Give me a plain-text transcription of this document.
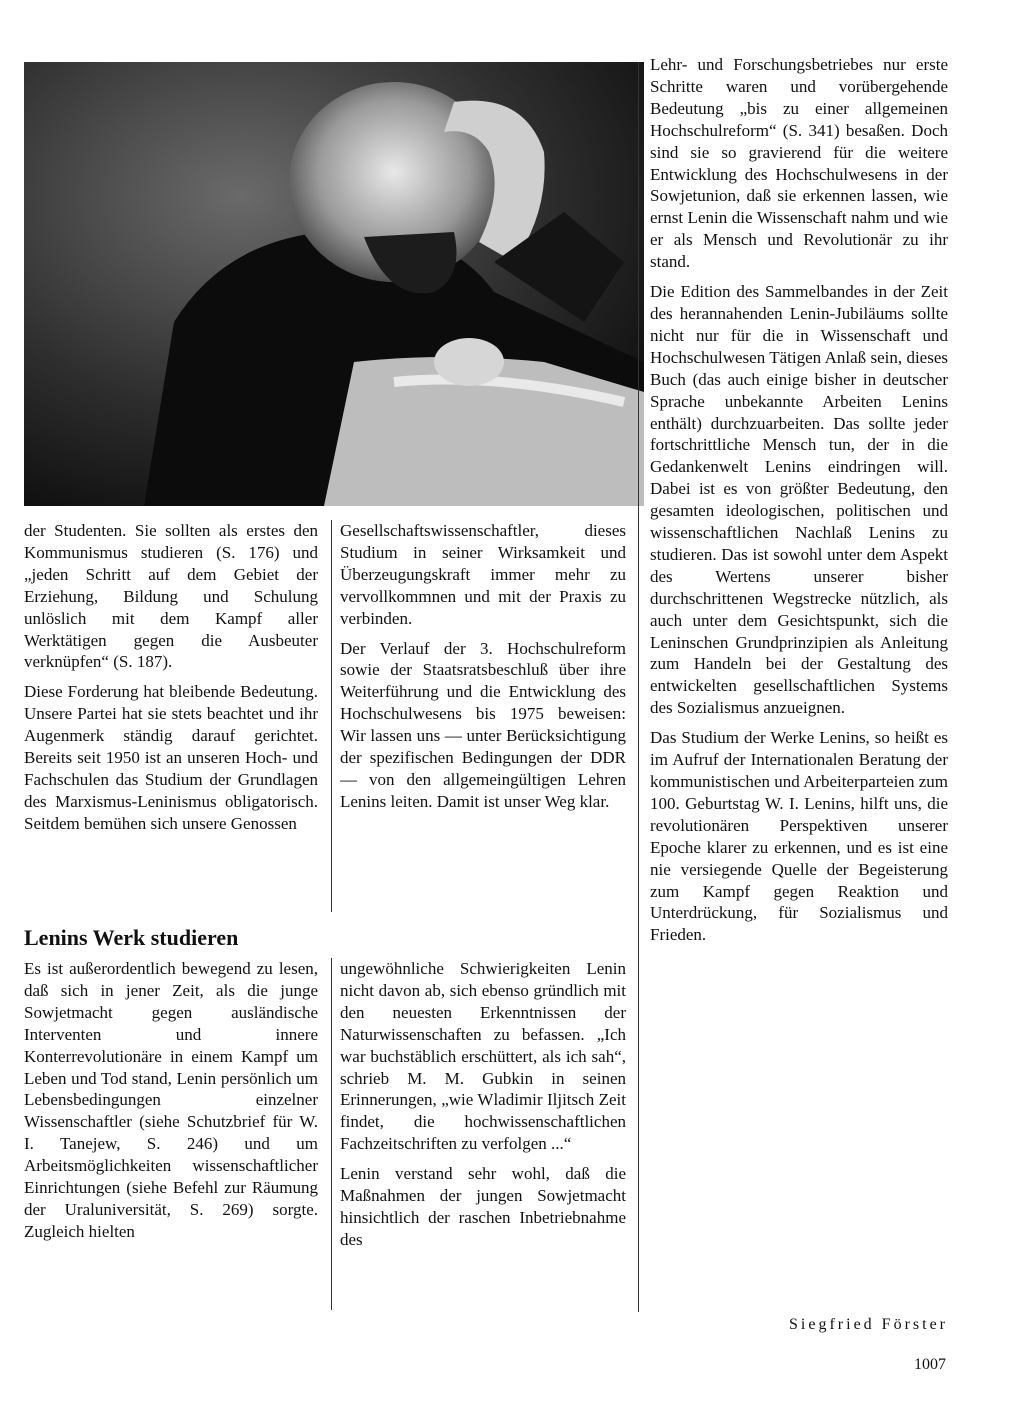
der Studenten. Sie sollten als erstes den Kommunismus studieren (S. 176) und „jeden Schritt auf dem Gebiet der Erziehung, Bildung und Schulung unlöslich mit dem Kampf aller Werktätigen gegen die Ausbeuter verknüpfen“ (S. 187).

Diese Forderung hat bleibende Bedeutung. Unsere Partei hat sie stets beachtet und ihr Augenmerk ständig darauf gerichtet. Bereits seit 1950 ist an unseren Hoch- und Fachschulen das Studium der Grundlagen des Marxismus-Leninismus obligatorisch. Seitdem bemühen sich unsere Genossen

Gesellschaftswissenschaftler, dieses Studium in seiner Wirksamkeit und Überzeugungskraft immer mehr zu vervollkommnen und mit der Praxis zu verbinden.

Der Verlauf der 3. Hochschulreform sowie der Staatsratsbeschluß über ihre Weiterführung und die Entwicklung des Hochschulwesens bis 1975 beweisen: Wir lassen uns — unter Berücksichtigung der spezifischen Bedingungen der DDR — von den allgemeingültigen Lehren Lenins leiten. Damit ist unser Weg klar.

Lenins Werk studieren

Es ist außerordentlich bewegend zu lesen, daß sich in jener Zeit, als die junge Sowjetmacht gegen ausländische Interventen und innere Konterrevolutionäre in einem Kampf um Leben und Tod stand, Lenin persönlich um Lebensbedingungen einzelner Wissenschaftler (siehe Schutzbrief für W. I. Tanejew, S. 246) und um Arbeitsmöglichkeiten wissenschaftlicher Einrichtungen (siehe Befehl zur Räumung der Uraluniversität, S. 269) sorgte. Zugleich hielten

ungewöhnliche Schwierigkeiten Lenin nicht davon ab, sich ebenso gründlich mit den neuesten Erkenntnissen der Naturwissenschaften zu befassen. „Ich war buchstäblich erschüttert, als ich sah“, schrieb M. M. Gubkin in seinen Erinnerungen, „wie Wladimir Iljitsch Zeit findet, die hochwissenschaftlichen Fachzeitschriften zu verfolgen ...“

Lenin verstand sehr wohl, daß die Maßnahmen der jungen Sowjetmacht hinsichtlich der raschen Inbetriebnahme des

Lehr- und Forschungsbetriebes nur erste Schritte waren und vorübergehende Bedeutung „bis zu einer allgemeinen Hochschulreform“ (S. 341) besaßen. Doch sind sie so gravierend für die weitere Entwicklung des Hochschulwesens in der Sowjetunion, daß sie erkennen lassen, wie ernst Lenin die Wissenschaft nahm und wie er als Mensch und Revolutionär zu ihr stand.

Die Edition des Sammelbandes in der Zeit des herannahenden Lenin-Jubiläums sollte nicht nur für die in Wissenschaft und Hochschulwesen Tätigen Anlaß sein, dieses Buch (das auch einige bisher in deutscher Sprache unbekannte Arbeiten Lenins enthält) durchzuarbeiten. Das sollte jeder fortschrittliche Mensch tun, der in die Gedankenwelt Lenins eindringen will. Dabei ist es von größter Bedeutung, den gesamten ideologischen, politischen und wissenschaftlichen Nachlaß Lenins zu studieren. Das ist sowohl unter dem Aspekt des Wertens unserer bisher durchschrittenen Wegstrecke nützlich, als auch unter dem Gesichtspunkt, sich die Leninschen Grundprinzipien als Anleitung zum Handeln bei der Gestaltung des entwickelten gesellschaftlichen Systems des Sozialismus anzueignen.

Das Studium der Werke Lenins, so heißt es im Aufruf der Internationalen Beratung der kommunistischen und Arbeiterparteien zum 100. Geburtstag W. I. Lenins, hilft uns, die revolutionären Perspektiven unserer Epoche klarer zu erkennen, und es ist eine nie versiegende Quelle der Begeisterung zum Kampf gegen Reaktion und Unterdrückung, für Sozialismus und Frieden.

Siegfried Förster
1007
